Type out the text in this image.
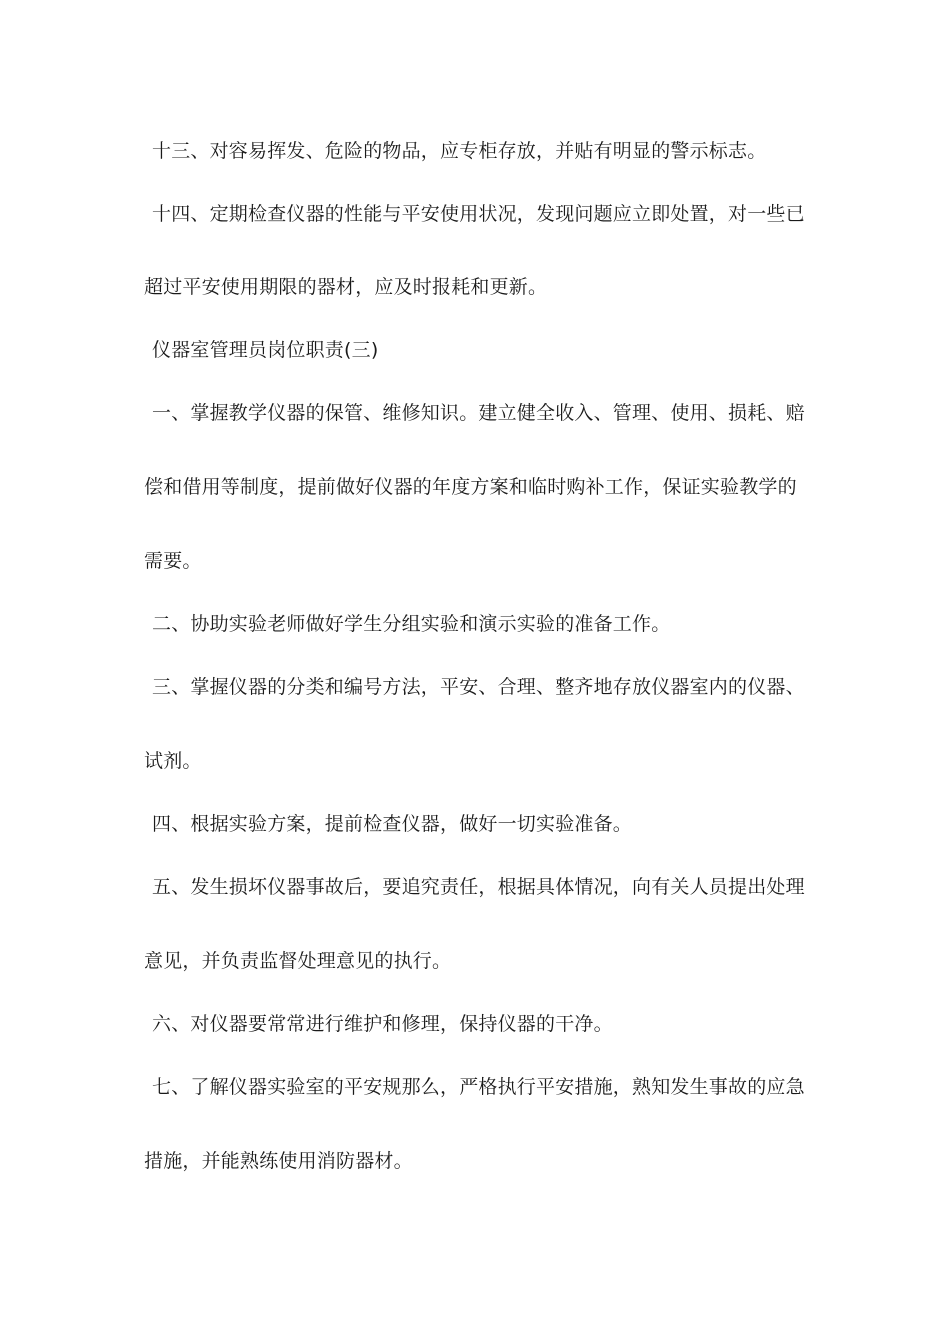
十三、对容易挥发、危险的物品，应专柜存放，并贴有明显的警示标志。
十四、定期检查仪器的性能与平安使用状况，发现问题应立即处置，对一些已
超过平安使用期限的器材，应及时报耗和更新。
仪器室管理员岗位职责(三)
一、掌握教学仪器的保管、维修知识。建立健全收入、管理、使用、损耗、赔
偿和借用等制度，提前做好仪器的年度方案和临时购补工作，保证实验教学的
需要。
二、协助实验老师做好学生分组实验和演示实验的准备工作。
三、掌握仪器的分类和编号方法，平安、合理、整齐地存放仪器室内的仪器、
试剂。
四、根据实验方案，提前检查仪器，做好一切实验准备。
五、发生损坏仪器事故后，要追究责任，根据具体情况，向有关人员提出处理
意见，并负责监督处理意见的执行。
六、对仪器要常常进行维护和修理，保持仪器的干净。
七、了解仪器实验室的平安规那么，严格执行平安措施，熟知发生事故的应急
措施，并能熟练使用消防器材。
